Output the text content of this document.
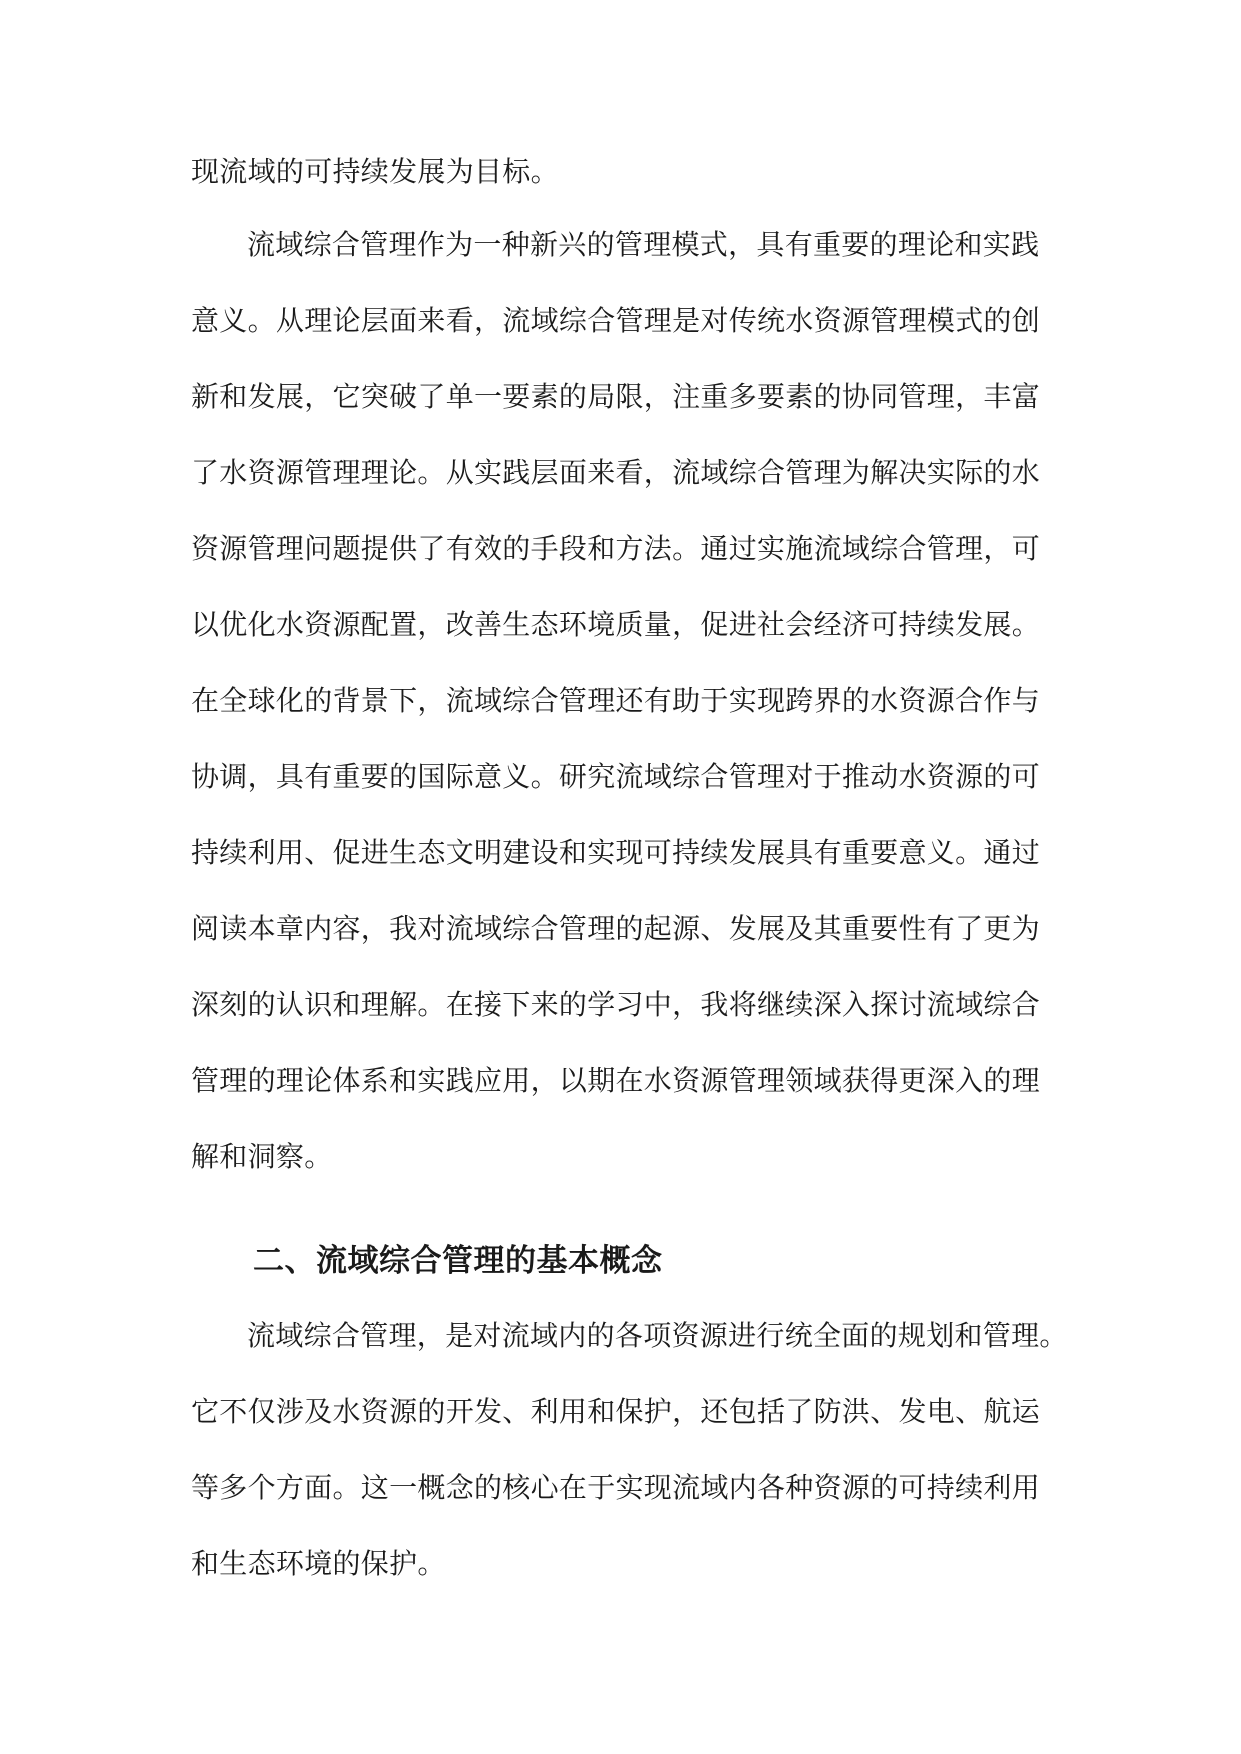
现流域的可持续发展为目标。
流域综合管理作为一种新兴的管理模式，具有重要的理论和实践
意义。从理论层面来看，流域综合管理是对传统水资源管理模式的创
新和发展，它突破了单一要素的局限，注重多要素的协同管理，丰富
了水资源管理理论。从实践层面来看，流域综合管理为解决实际的水
资源管理问题提供了有效的手段和方法。通过实施流域综合管理，可
以优化水资源配置，改善生态环境质量，促进社会经济可持续发展。
在全球化的背景下，流域综合管理还有助于实现跨界的水资源合作与
协调，具有重要的国际意义。研究流域综合管理对于推动水资源的可
持续利用、促进生态文明建设和实现可持续发展具有重要意义。通过
阅读本章内容，我对流域综合管理的起源、发展及其重要性有了更为
深刻的认识和理解。在接下来的学习中，我将继续深入探讨流域综合
管理的理论体系和实践应用，以期在水资源管理领域获得更深入的理
解和洞察。
二、流域综合管理的基本概念
流域综合管理，是对流域内的各项资源进行统全面的规划和管理。
它不仅涉及水资源的开发、利用和保护，还包括了防洪、发电、航运
等多个方面。这一概念的核心在于实现流域内各种资源的可持续利用
和生态环境的保护。
